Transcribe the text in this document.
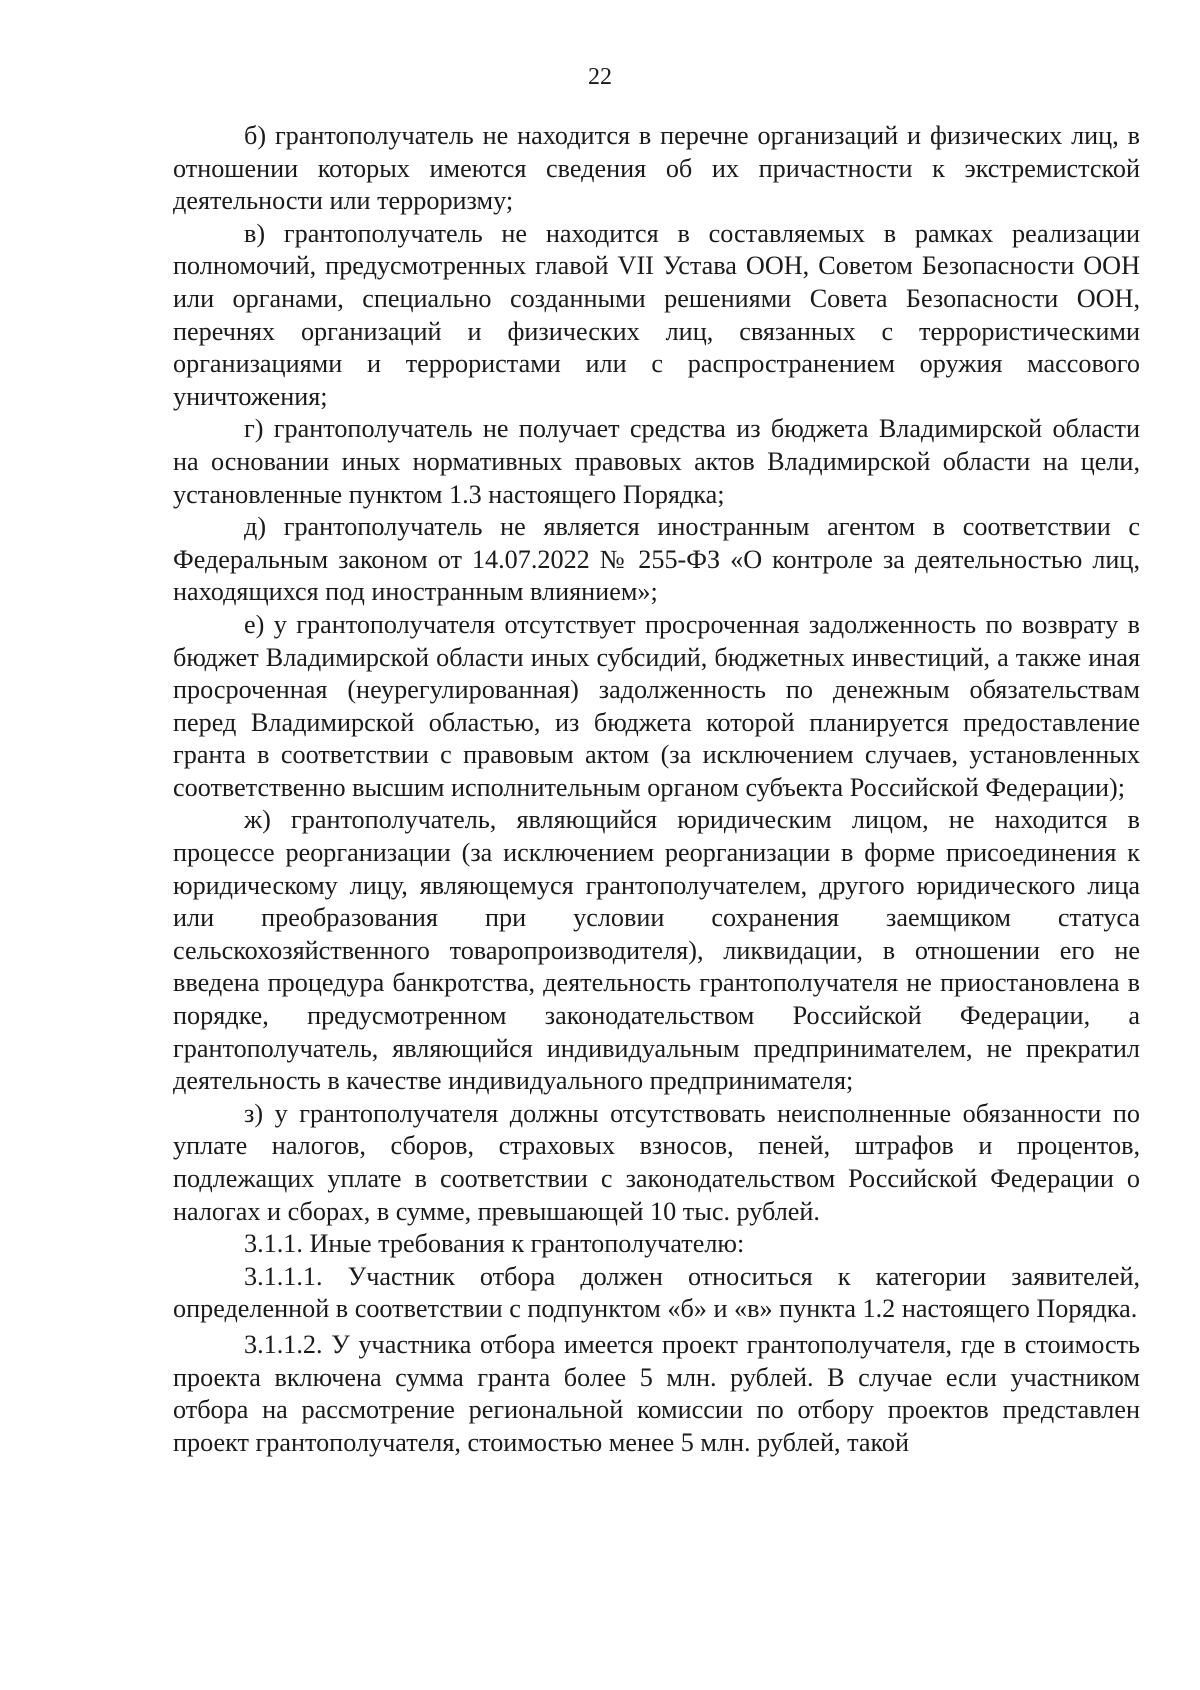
22

б) грантополучатель не находится в перечне организаций и физических лиц, в отношении которых имеются сведения об их причастности к экстремистской деятельности или терроризму;

в) грантополучатель не находится в составляемых в рамках реализации полномочий, предусмотренных главой VII Устава ООН, Советом Безопасности ООН или органами, специально созданными решениями Совета Безопасности ООН, перечнях организаций и физических лиц, связанных с террористическими организациями и террористами или с распространением оружия массового уничтожения;

г) грантополучатель не получает средства из бюджета Владимирской области на основании иных нормативных правовых актов Владимирской области на цели, установленные пунктом 1.3 настоящего Порядка;

д) грантополучатель не является иностранным агентом в соответствии с Федеральным законом от 14.07.2022 № 255-ФЗ «О контроле за деятельностью лиц, находящихся под иностранным влиянием»;

е) у грантополучателя отсутствует просроченная задолженность по возврату в бюджет Владимирской области иных субсидий, бюджетных инвестиций, а также иная просроченная (неурегулированная) задолженность по денежным обязательствам перед Владимирской областью, из бюджета которой планируется предоставление гранта в соответствии с правовым актом (за исключением случаев, установленных соответственно высшим исполнительным органом субъекта Российской Федерации);

ж) грантополучатель, являющийся юридическим лицом, не находится в процессе реорганизации (за исключением реорганизации в форме присоединения к юридическому лицу, являющемуся грантополучателем, другого юридического лица или преобразования при условии сохранения заемщиком статуса сельскохозяйственного товаропроизводителя), ликвидации, в отношении его не введена процедура банкротства, деятельность грантополучателя не приостановлена в порядке, предусмотренном законодательством Российской Федерации, а грантополучатель, являющийся индивидуальным предпринимателем, не прекратил деятельность в качестве индивидуального предпринимателя;

з) у грантополучателя должны отсутствовать неисполненные обязанности по уплате налогов, сборов, страховых взносов, пеней, штрафов и процентов, подлежащих уплате в соответствии с законодательством Российской Федерации о налогах и сборах, в сумме, превышающей 10 тыс. рублей.

3.1.1. Иные требования к грантополучателю:

3.1.1.1. Участник отбора должен относиться к категории заявителей, определенной в соответствии с подпунктом «б» и «в» пункта 1.2 настоящего Порядка.

3.1.1.2. У участника отбора имеется проект грантополучателя, где в стоимость проекта включена сумма гранта более 5 млн. рублей. В случае если участником отбора на рассмотрение региональной комиссии по отбору проектов представлен проект грантополучателя, стоимостью менее 5 млн. рублей, такой
